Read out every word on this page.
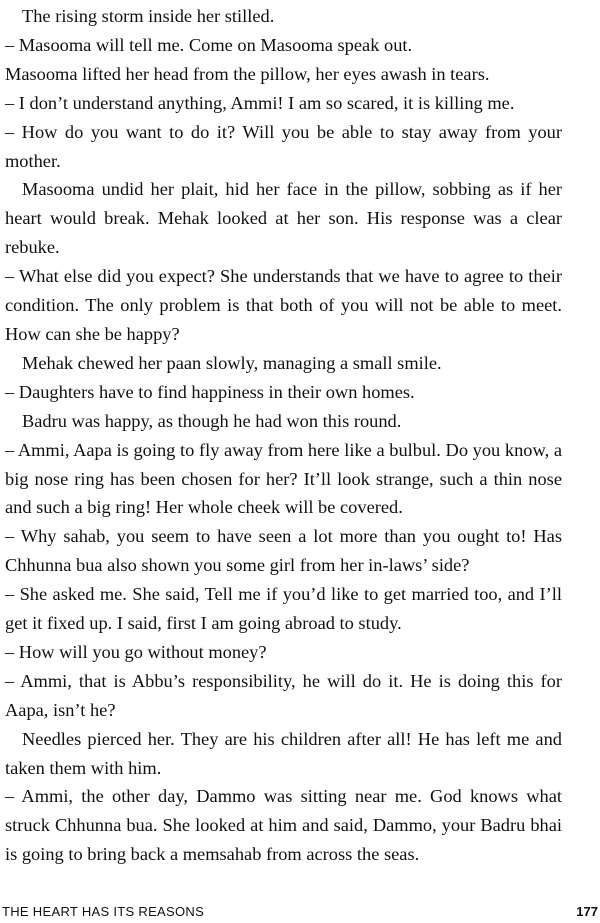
The rising storm inside her stilled.

– Masooma will tell me. Come on Masooma speak out.

Masooma lifted her head from the pillow, her eyes awash in tears.

– I don’t understand anything, Ammi! I am so scared, it is killing me.

– How do you want to do it? Will you be able to stay away from your mother.

Masooma undid her plait, hid her face in the pillow, sobbing as if her heart would break. Mehak looked at her son. His response was a clear rebuke.

– What else did you expect? She understands that we have to agree to their condition. The only problem is that both of you will not be able to meet. How can she be happy?

Mehak chewed her paan slowly, managing a small smile.

– Daughters have to find happiness in their own homes.

Badru was happy, as though he had won this round.

– Ammi, Aapa is going to fly away from here like a bulbul. Do you know, a big nose ring has been chosen for her? It’ll look strange, such a thin nose and such a big ring! Her whole cheek will be covered.

– Why sahab, you seem to have seen a lot more than you ought to! Has Chhunna bua also shown you some girl from her in-laws’ side?

– She asked me. She said, Tell me if you’d like to get married too, and I’ll get it fixed up. I said, first I am going abroad to study.

– How will you go without money?

– Ammi, that is Abbu’s responsibility, he will do it. He is doing this for Aapa, isn’t he?

Needles pierced her. They are his children after all! He has left me and taken them with him.

– Ammi, the other day, Dammo was sitting near me. God knows what struck Chhunna bua. She looked at him and said, Dammo, your Badru bhai is going to bring back a memsahab from across the seas.

THE HEART HAS ITS REASONS	177
